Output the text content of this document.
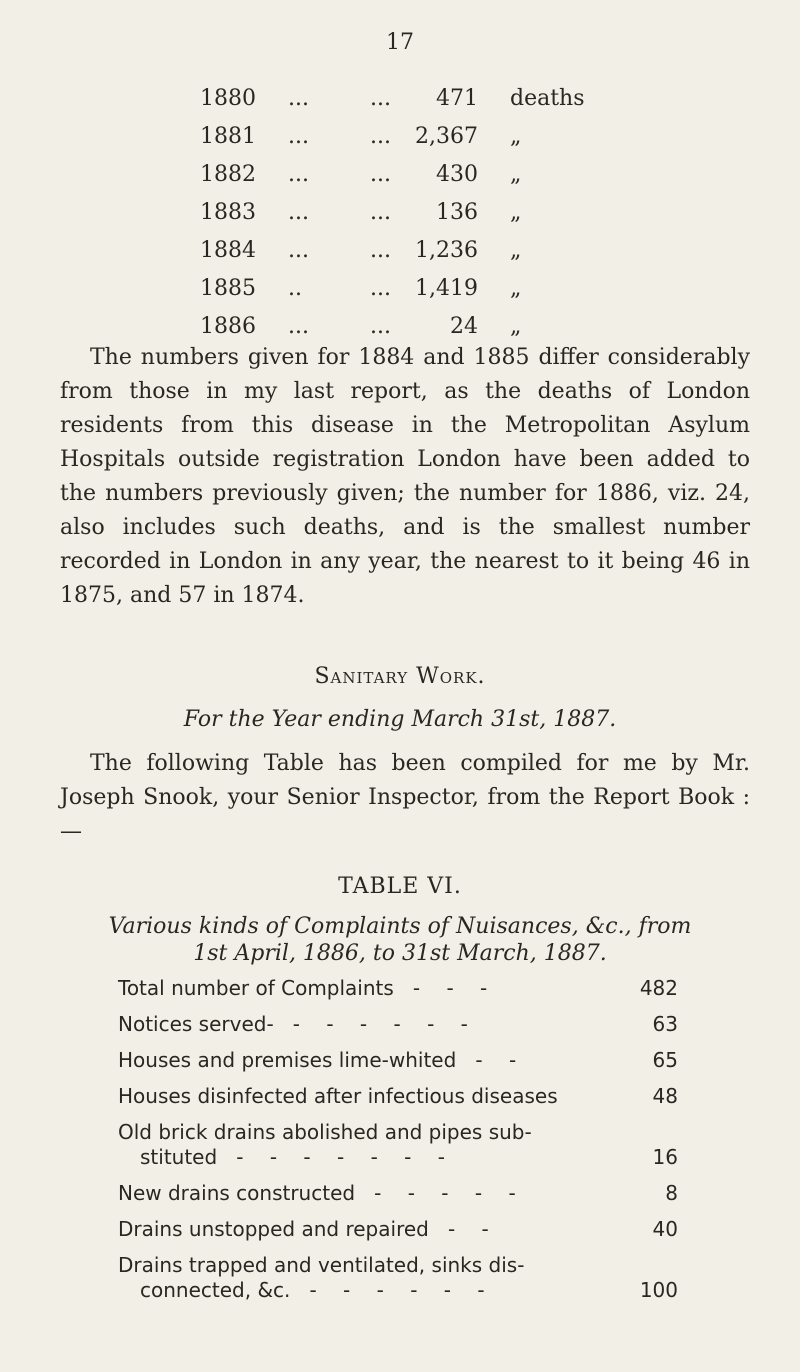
17
1880 ...	... 471 deaths
1881 ...	... 2,367 „
1882 ...	... 430 „
1883 ...	... 136 „
1884 ...	... 1,236 „
1885 ..	... 1,419 „
1886 ...	...	24 „
The numbers given for 1884 and 1885 differ considerably from those in my last report, as the deaths of London residents from this disease in the Metropolitan Asylum Hospitals outside registration London have been added to the numbers previously given; the number for 1886, viz. 24, also includes such deaths, and is the smallest number recorded in London in any year, the nearest to it being 46 in 1875, and 57 in 1874.
Sanitary Work.
For the Year ending March 31st, 1887.
The following Table has been compiled for me by Mr. Joseph Snook, your Senior Inspector, from the Report Book :—
TABLE VI.
Various kinds of Complaints of Nuisances, &c., from
1st April, 1886, to 31st March, 1887.
Total number of Complaints - - -	482
Notices served- - - - - - -	63
Houses and premises lime-whited - -	65
Houses disinfected after infectious diseases	48
Old brick drains abolished and pipes sub-
stituted - - - - - - -	16
New drains constructed - - - - -	8
Drains unstopped and repaired - -	40
Drains trapped and ventilated, sinks dis-
connected, &c. - - - - - -	100
